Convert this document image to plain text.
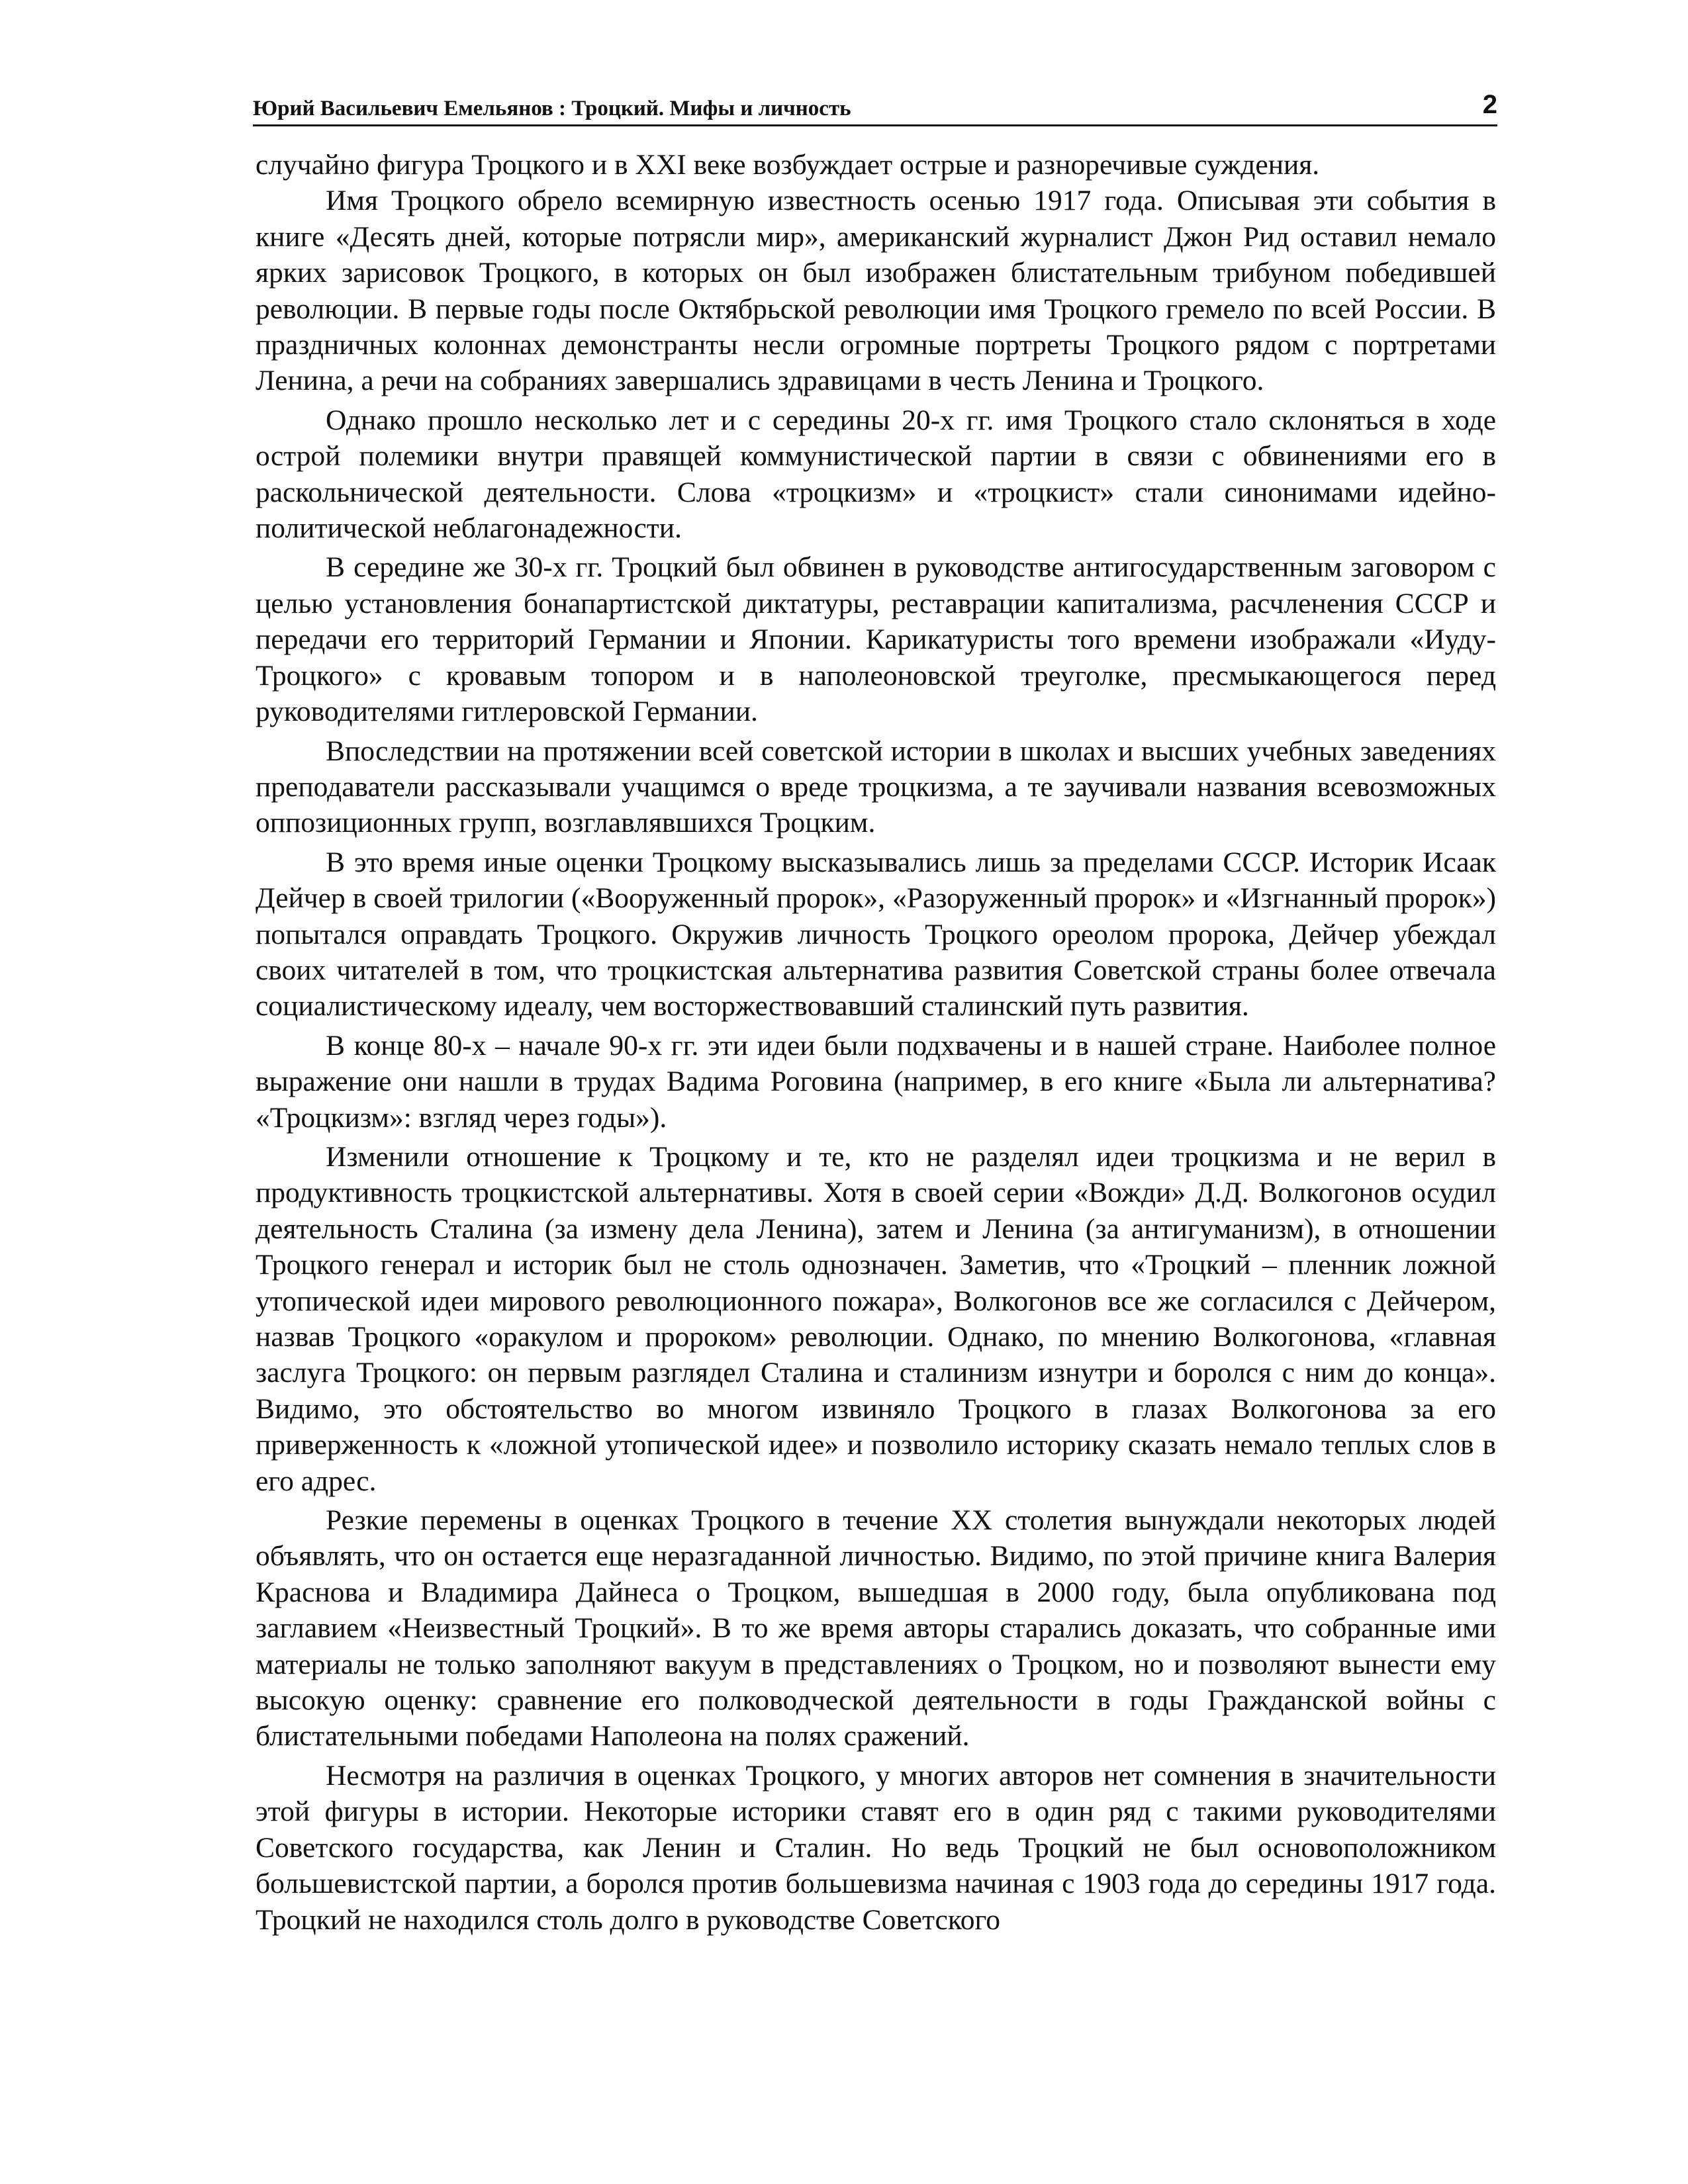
Юрий Васильевич Емельянов : Троцкий. Мифы и личность	2

случайно фигура Троцкого и в XXI веке возбуждает острые и разноречивые суждения.

Имя Троцкого обрело всемирную известность осенью 1917 года. Описывая эти события в книге «Десять дней, которые потрясли мир», американский журналист Джон Рид оставил немало ярких зарисовок Троцкого, в которых он был изображен блистательным трибуном победившей революции. В первые годы после Октябрьской революции имя Троцкого гремело по всей России. В праздничных колоннах демонстранты несли огромные портреты Троцкого рядом с портретами Ленина, а речи на собраниях завершались здравицами в честь Ленина и Троцкого.

Однако прошло несколько лет и с середины 20-х гг. имя Троцкого стало склоняться в ходе острой полемики внутри правящей коммунистической партии в связи с обвинениями его в раскольнической деятельности. Слова «троцкизм» и «троцкист» стали синонимами идейно-политической неблагонадежности.

В середине же 30-х гг. Троцкий был обвинен в руководстве антигосударственным заговором с целью установления бонапартистской диктатуры, реставрации капитализма, расчленения СССР и передачи его территорий Германии и Японии. Карикатуристы того времени изображали «Иуду-Троцкого» с кровавым топором и в наполеоновской треуголке, пресмыкающегося перед руководителями гитлеровской Германии.

Впоследствии на протяжении всей советской истории в школах и высших учебных заведениях преподаватели рассказывали учащимся о вреде троцкизма, а те заучивали названия всевозможных оппозиционных групп, возглавлявшихся Троцким.

В это время иные оценки Троцкому высказывались лишь за пределами СССР. Историк Исаак Дейчер в своей трилогии («Вооруженный пророк», «Разоруженный пророк» и «Изгнанный пророк») попытался оправдать Троцкого. Окружив личность Троцкого ореолом пророка, Дейчер убеждал своих читателей в том, что троцкистская альтернатива развития Советской страны более отвечала социалистическому идеалу, чем восторжествовавший сталинский путь развития.

В конце 80-х – начале 90-х гг. эти идеи были подхвачены и в нашей стране. Наиболее полное выражение они нашли в трудах Вадима Роговина (например, в его книге «Была ли альтернатива? «Троцкизм»: взгляд через годы»).

Изменили отношение к Троцкому и те, кто не разделял идеи троцкизма и не верил в продуктивность троцкистской альтернативы. Хотя в своей серии «Вожди» Д.Д. Волкогонов осудил деятельность Сталина (за измену дела Ленина), затем и Ленина (за антигуманизм), в отношении Троцкого генерал и историк был не столь однозначен. Заметив, что «Троцкий – пленник ложной утопической идеи мирового революционного пожара», Волкогонов все же согласился с Дейчером, назвав Троцкого «оракулом и пророком» революции. Однако, по мнению Волкогонова, «главная заслуга Троцкого: он первым разглядел Сталина и сталинизм изнутри и боролся с ним до конца». Видимо, это обстоятельство во многом извиняло Троцкого в глазах Волкогонова за его приверженность к «ложной утопической идее» и позволило историку сказать немало теплых слов в его адрес.

Резкие перемены в оценках Троцкого в течение XX столетия вынуждали некоторых людей объявлять, что он остается еще неразгаданной личностью. Видимо, по этой причине книга Валерия Краснова и Владимира Дайнеса о Троцком, вышедшая в 2000 году, была опубликована под заглавием «Неизвестный Троцкий». В то же время авторы старались доказать, что собранные ими материалы не только заполняют вакуум в представлениях о Троцком, но и позволяют вынести ему высокую оценку: сравнение его полководческой деятельности в годы Гражданской войны с блистательными победами Наполеона на полях сражений.

Несмотря на различия в оценках Троцкого, у многих авторов нет сомнения в значительности этой фигуры в истории. Некоторые историки ставят его в один ряд с такими руководителями Советского государства, как Ленин и Сталин. Но ведь Троцкий не был основоположником большевистской партии, а боролся против большевизма начиная с 1903 года до середины 1917 года. Троцкий не находился столь долго в руководстве Советского
